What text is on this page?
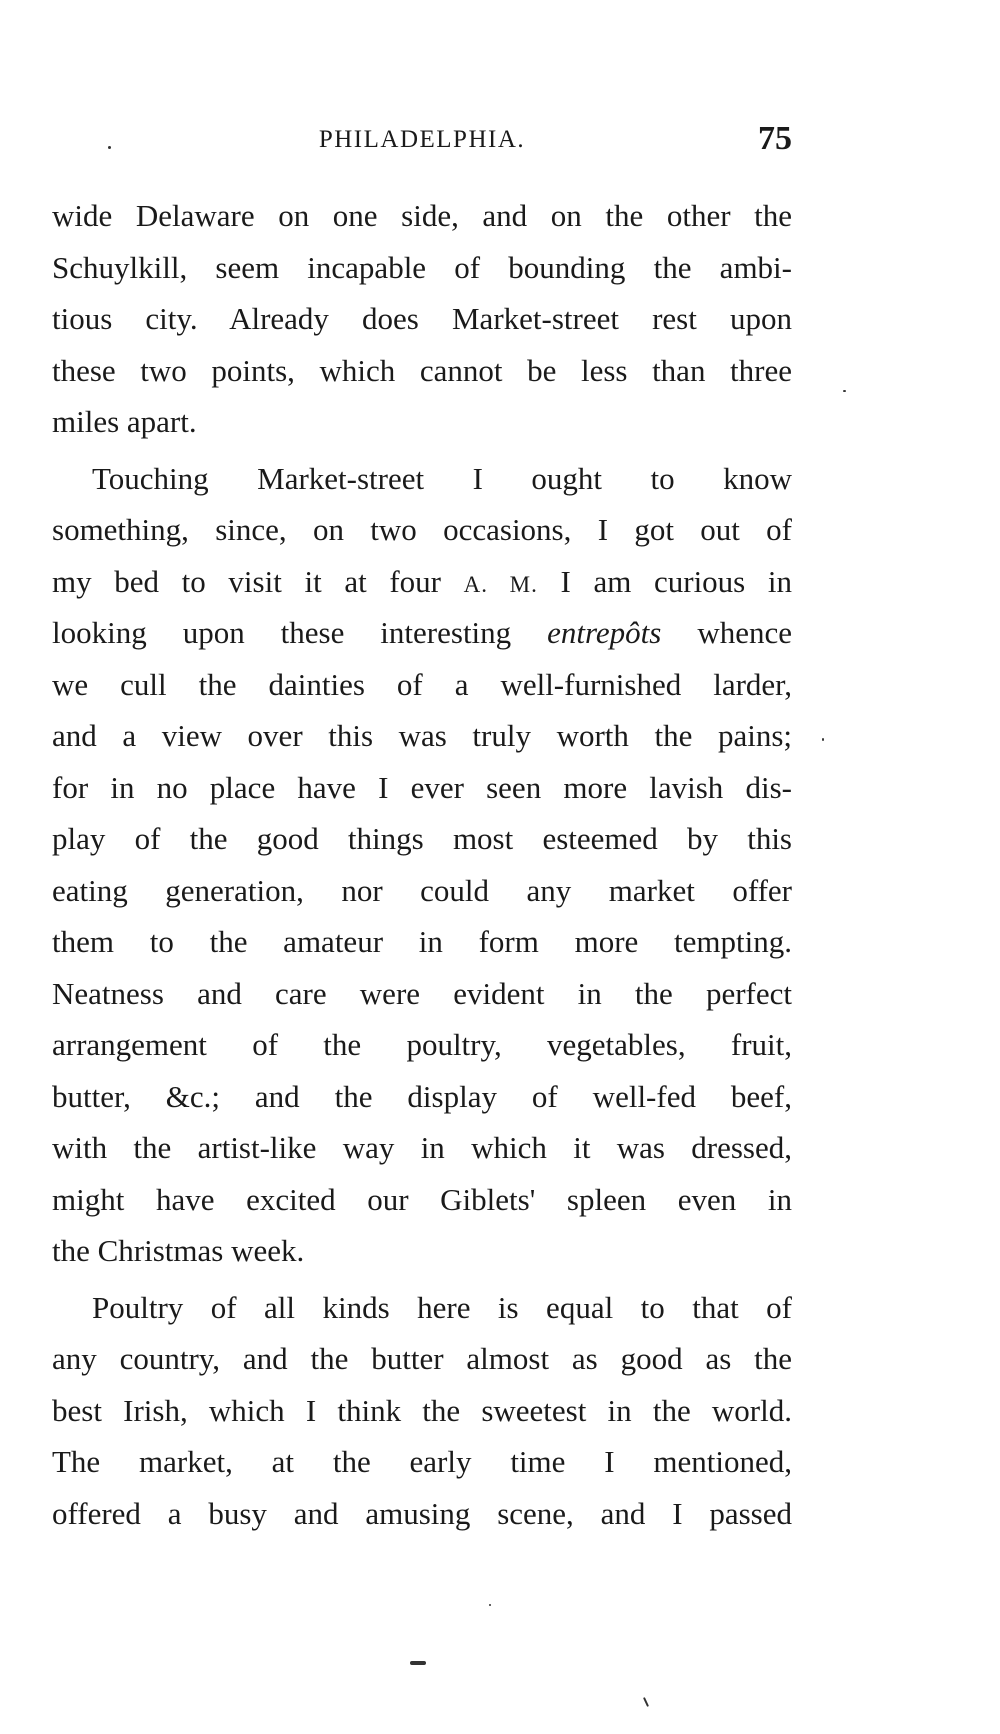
PHILADELPHIA.	75
wide Delaware on one side, and on the other the
Schuylkill, seem incapable of bounding the ambi-
tious city. Already does Market-street rest upon
these two points, which cannot be less than three
miles apart.
Touching Market-street I ought to know
something, since, on two occasions, I got out of
my bed to visit it at four A. M. I am curious in
looking upon these interesting entrepôts whence
we cull the dainties of a well-furnished larder,
and a view over this was truly worth the pains;
for in no place have I ever seen more lavish dis-
play of the good things most esteemed by this
eating generation, nor could any market offer
them to the amateur in form more tempting.
Neatness and care were evident in the perfect
arrangement of the poultry, vegetables, fruit,
butter, &c.; and the display of well-fed beef,
with the artist-like way in which it was dressed,
might have excited our Giblets' spleen even in
the Christmas week.
Poultry of all kinds here is equal to that of
any country, and the butter almost as good as the
best Irish, which I think the sweetest in the world.
The market, at the early time I mentioned,
offered a busy and amusing scene, and I passed
